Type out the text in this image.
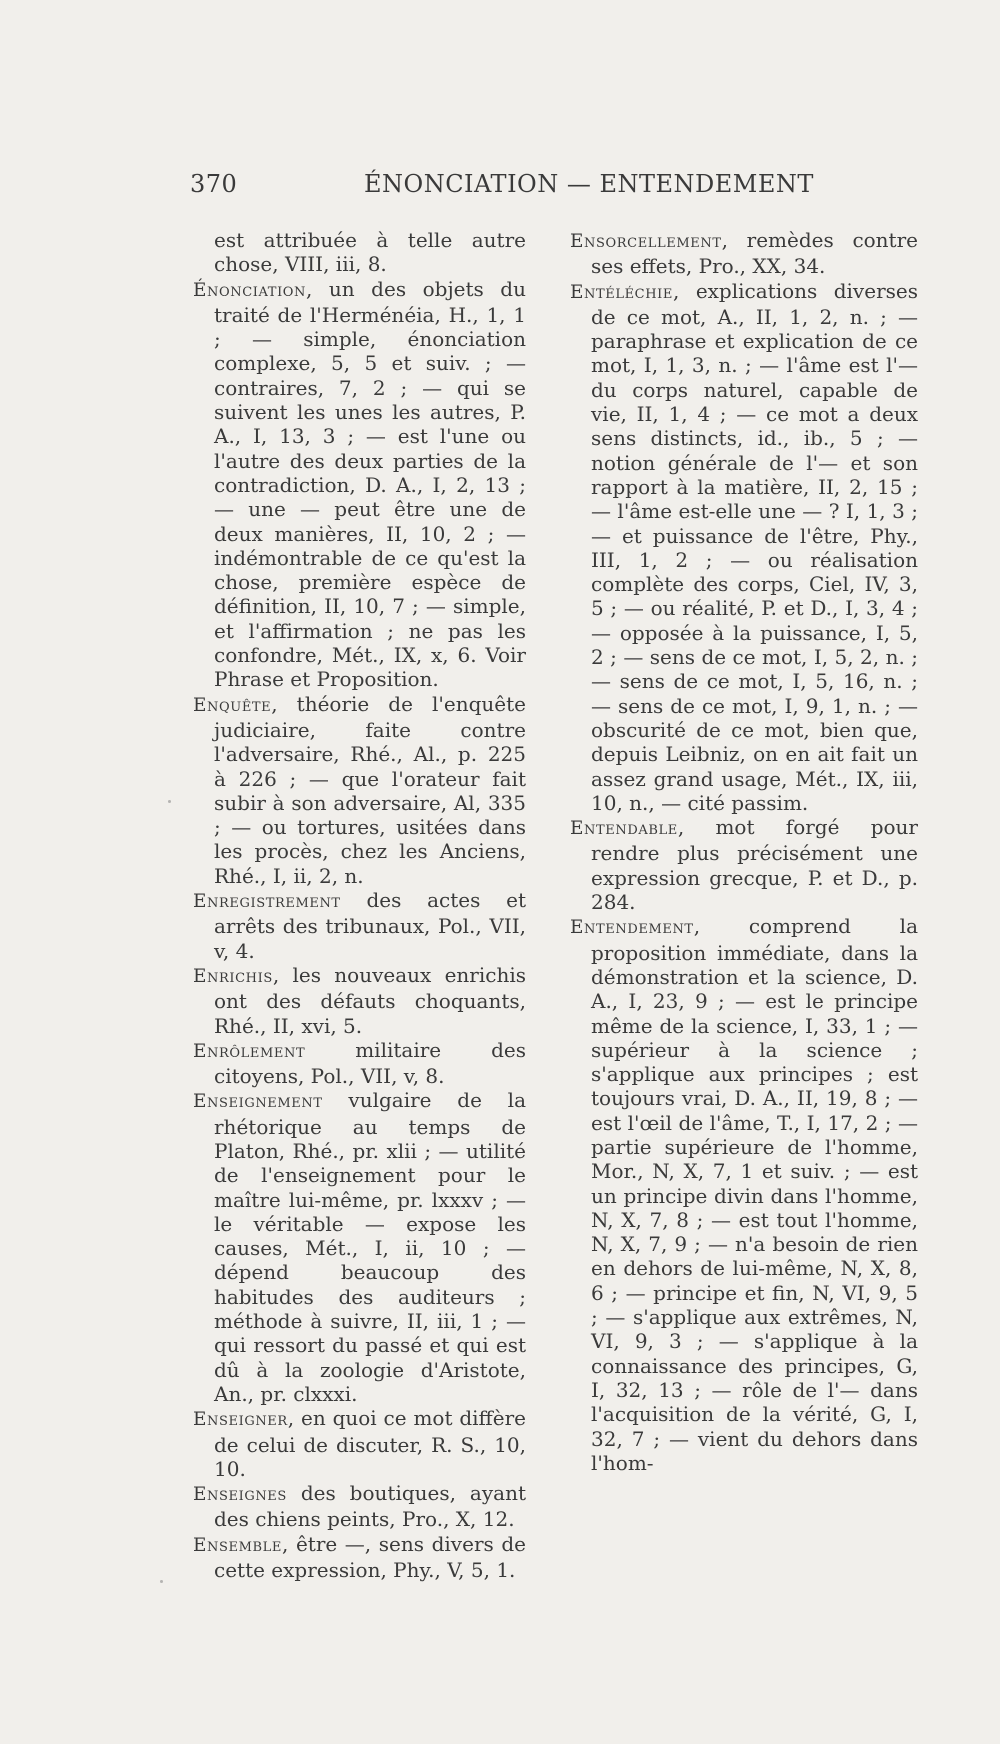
370	ÉNONCIATION — ENTENDEMENT

est attribuée à telle autre chose, VIII, iii, 8.

Énonciation, un des objets du traité de l'Herménéia, H., 1, 1 ; — simple, énonciation complexe, 5, 5 et suiv. ; — contraires, 7, 2 ; — qui se suivent les unes les autres, P. A., I, 13, 3 ; — est l'une ou l'autre des deux parties de la contradiction, D. A., I, 2, 13 ; — une — peut être une de deux manières, II, 10, 2 ; — indémontrable de ce qu'est la chose, première espèce de définition, II, 10, 7 ; — simple, et l'affirmation ; ne pas les confondre, Mét., IX, x, 6. Voir Phrase et Proposition.

Enquête, théorie de l'enquête judiciaire, faite contre l'adversaire, Rhé., Al., p. 225 à 226 ; — que l'orateur fait subir à son adversaire, Al, 335 ; — ou tortures, usitées dans les procès, chez les Anciens, Rhé., I, ii, 2, n.

Enregistrement des actes et arrêts des tribunaux, Pol., VII, v, 4.

Enrichis, les nouveaux enrichis ont des défauts choquants, Rhé., II, xvi, 5.

Enrôlement militaire des citoyens, Pol., VII, v, 8.

Enseignement vulgaire de la rhétorique au temps de Platon, Rhé., pr. xlii ; — utilité de l'enseignement pour le maître lui-même, pr. lxxxv ; — le véritable — expose les causes, Mét., I, ii, 10 ; — dépend beaucoup des habitudes des auditeurs ; méthode à suivre, II, iii, 1 ; — qui ressort du passé et qui est dû à la zoologie d'Aristote, An., pr. clxxxi.

Enseigner, en quoi ce mot diffère de celui de discuter, R. S., 10, 10.

Enseignes des boutiques, ayant des chiens peints, Pro., X, 12.

Ensemble, être —, sens divers de cette expression, Phy., V, 5, 1.

Ensorcellement, remèdes contre ses effets, Pro., XX, 34.

Entéléchie, explications diverses de ce mot, A., II, 1, 2, n. ; — paraphrase et explication de ce mot, I, 1, 3, n. ; — l'âme est l'— du corps naturel, capable de vie, II, 1, 4 ; — ce mot a deux sens distincts, id., ib., 5 ; — notion générale de l'— et son rapport à la matière, II, 2, 15 ; — l'âme est-elle une — ? I, 1, 3 ; — et puissance de l'être, Phy., III, 1, 2 ; — ou réalisation complète des corps, Ciel, IV, 3, 5 ; — ou réalité, P. et D., I, 3, 4 ; — opposée à la puissance, I, 5, 2 ; — sens de ce mot, I, 5, 2, n. ; — sens de ce mot, I, 5, 16, n. ; — sens de ce mot, I, 9, 1, n. ; — obscurité de ce mot, bien que, depuis Leibniz, on en ait fait un assez grand usage, Mét., IX, iii, 10, n., — cité passim.

Entendable, mot forgé pour rendre plus précisément une expression grecque, P. et D., p. 284.

Entendement, comprend la proposition immédiate, dans la démonstration et la science, D. A., I, 23, 9 ; — est le principe même de la science, I, 33, 1 ; — supérieur à la science ; s'applique aux principes ; est toujours vrai, D. A., II, 19, 8 ; — est l'œil de l'âme, T., I, 17, 2 ; — partie supérieure de l'homme, Mor., N, X, 7, 1 et suiv. ; — est un principe divin dans l'homme, N, X, 7, 8 ; — est tout l'homme, N, X, 7, 9 ; — n'a besoin de rien en dehors de lui-même, N, X, 8, 6 ; — principe et fin, N, VI, 9, 5 ; — s'applique aux extrêmes, N, VI, 9, 3 ; — s'applique à la connaissance des principes, G, I, 32, 13 ; — rôle de l'— dans l'acquisition de la vérité, G, I, 32, 7 ; — vient du dehors dans l'hom-
